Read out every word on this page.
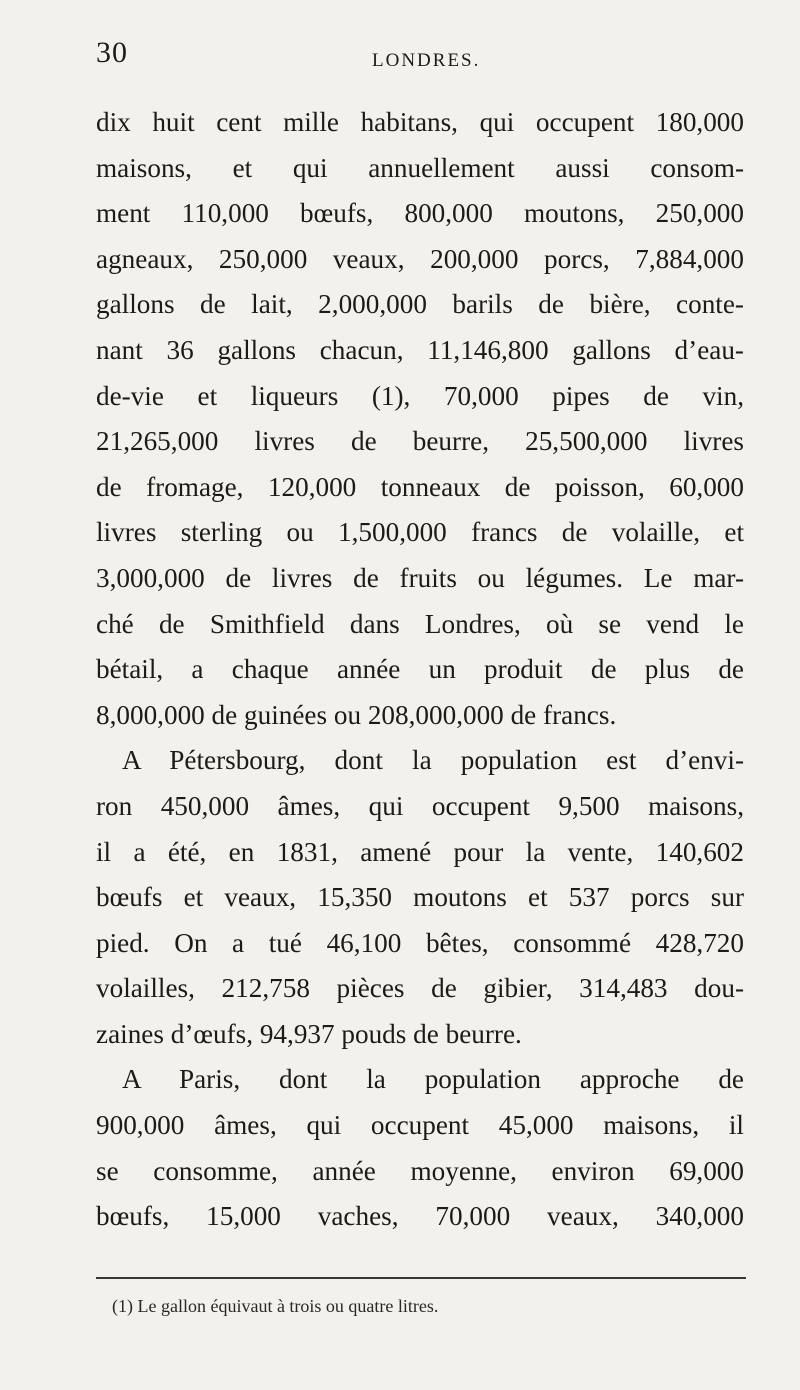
30	LONDRES.
dix huit cent mille habitans, qui occupent 180,000
maisons, et qui annuellement aussi consom-
ment 110,000 bœufs, 800,000 moutons, 250,000
agneaux, 250,000 veaux, 200,000 porcs, 7,884,000
gallons de lait, 2,000,000 barils de bière, conte-
nant 36 gallons chacun, 11,146,800 gallons d’eau-
de-vie et liqueurs (1), 70,000 pipes de vin,
21,265,000 livres de beurre, 25,500,000 livres
de fromage, 120,000 tonneaux de poisson, 60,000
livres sterling ou 1,500,000 francs de volaille, et
3,000,000 de livres de fruits ou légumes. Le mar-
ché de Smithfield dans Londres, où se vend le
bétail, a chaque année un produit de plus de
8,000,000 de guinées ou 208,000,000 de francs.
A Pétersbourg, dont la population est d’envi-
ron 450,000 âmes, qui occupent 9,500 maisons,
il a été, en 1831, amené pour la vente, 140,602
bœufs et veaux, 15,350 moutons et 537 porcs sur
pied. On a tué 46,100 bêtes, consommé 428,720
volailles, 212,758 pièces de gibier, 314,483 dou-
zaines d’œufs, 94,937 pouds de beurre.
A Paris, dont la population approche de
900,000 âmes, qui occupent 45,000 maisons, il
se consomme, année moyenne, environ 69,000
bœufs, 15,000 vaches, 70,000 veaux, 340,000
(1) Le gallon équivaut à trois ou quatre litres.
